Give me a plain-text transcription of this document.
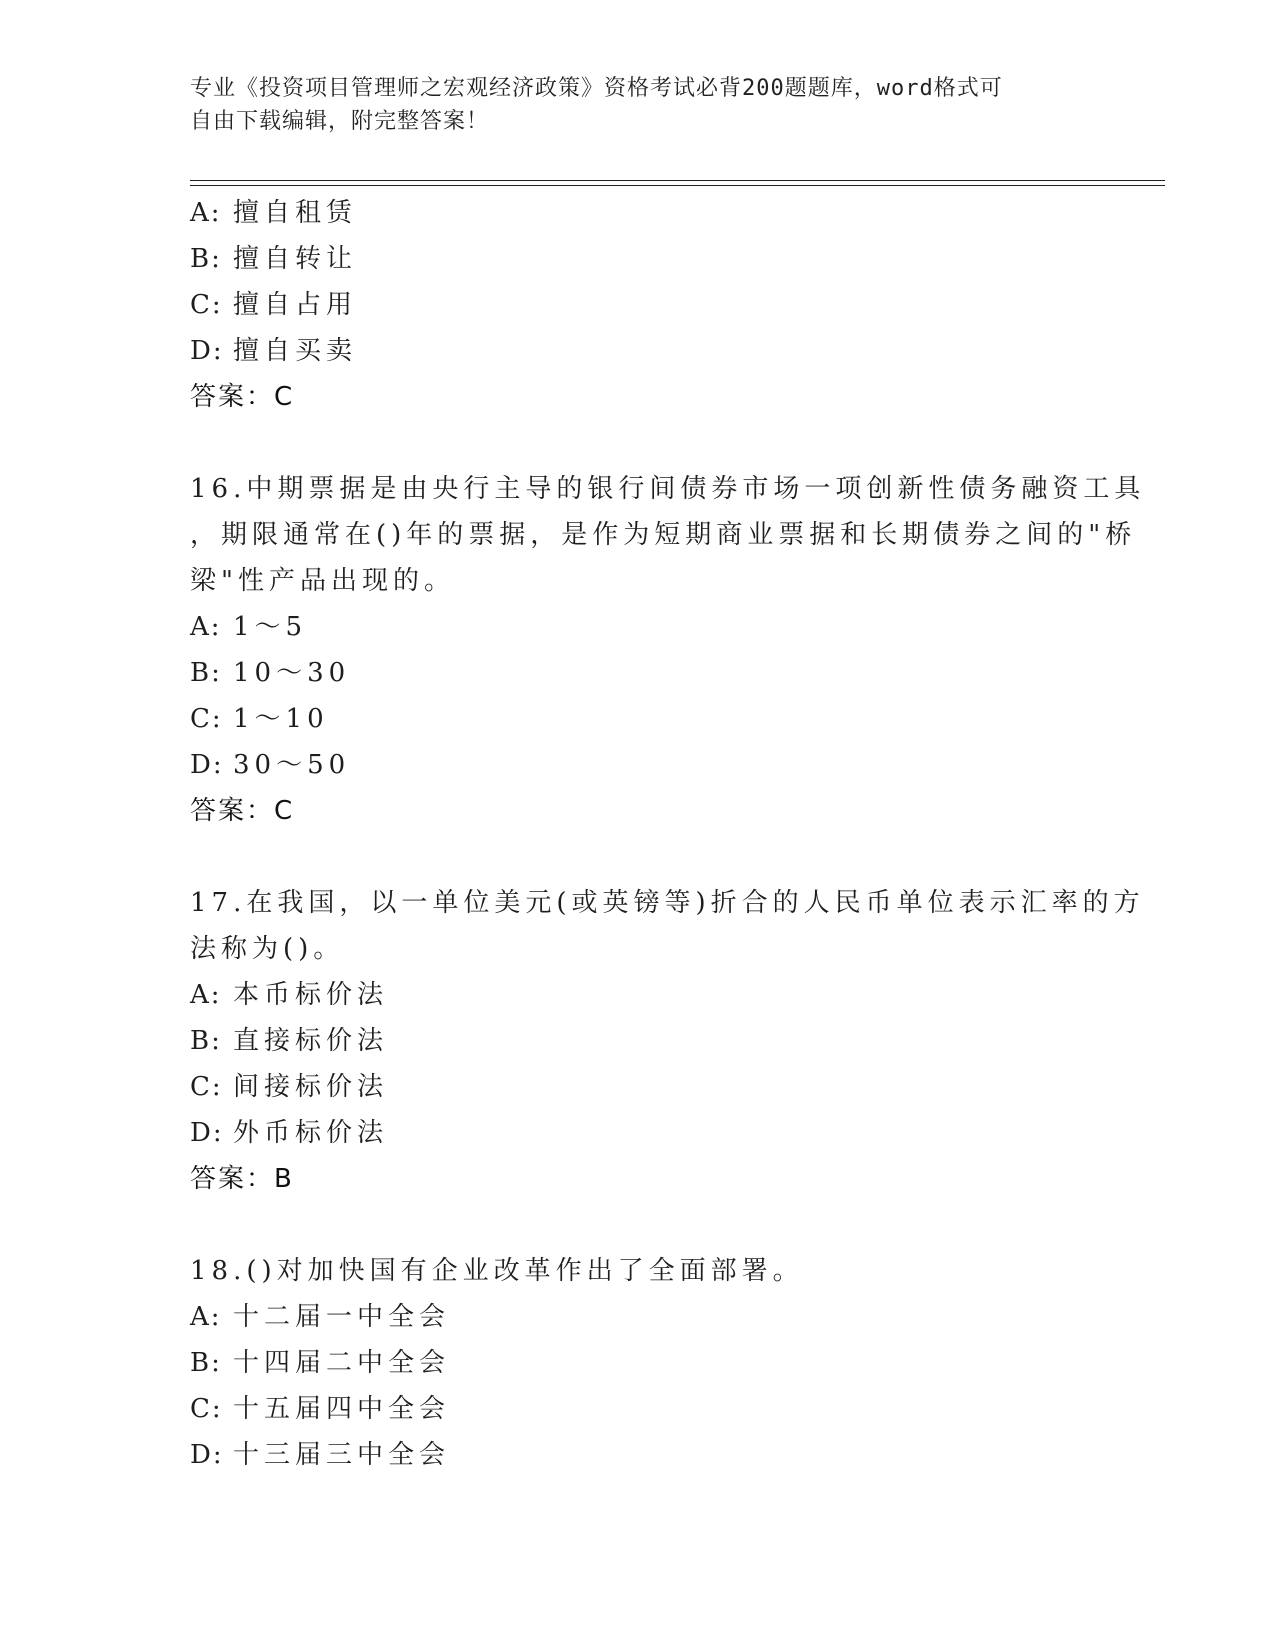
专业《投资项目管理师之宏观经济政策》资格考试必背200题题库，word格式可
自由下载编辑，附完整答案！
A: 擅自租赁
B: 擅自转让
C: 擅自占用
D: 擅自买卖
答案：C
16.中期票据是由央行主导的银行间债券市场一项创新性债务融资工具
，期限通常在()年的票据，是作为短期商业票据和长期债券之间的"桥
梁"性产品出现的。
A: 1～5
B: 10～30
C: 1～10
D: 30～50
答案：C
17.在我国，以一单位美元(或英镑等)折合的人民币单位表示汇率的方
法称为()。
A: 本币标价法
B: 直接标价法
C: 间接标价法
D: 外币标价法
答案：B
18.()对加快国有企业改革作出了全面部署。
A: 十二届一中全会
B: 十四届二中全会
C: 十五届四中全会
D: 十三届三中全会
